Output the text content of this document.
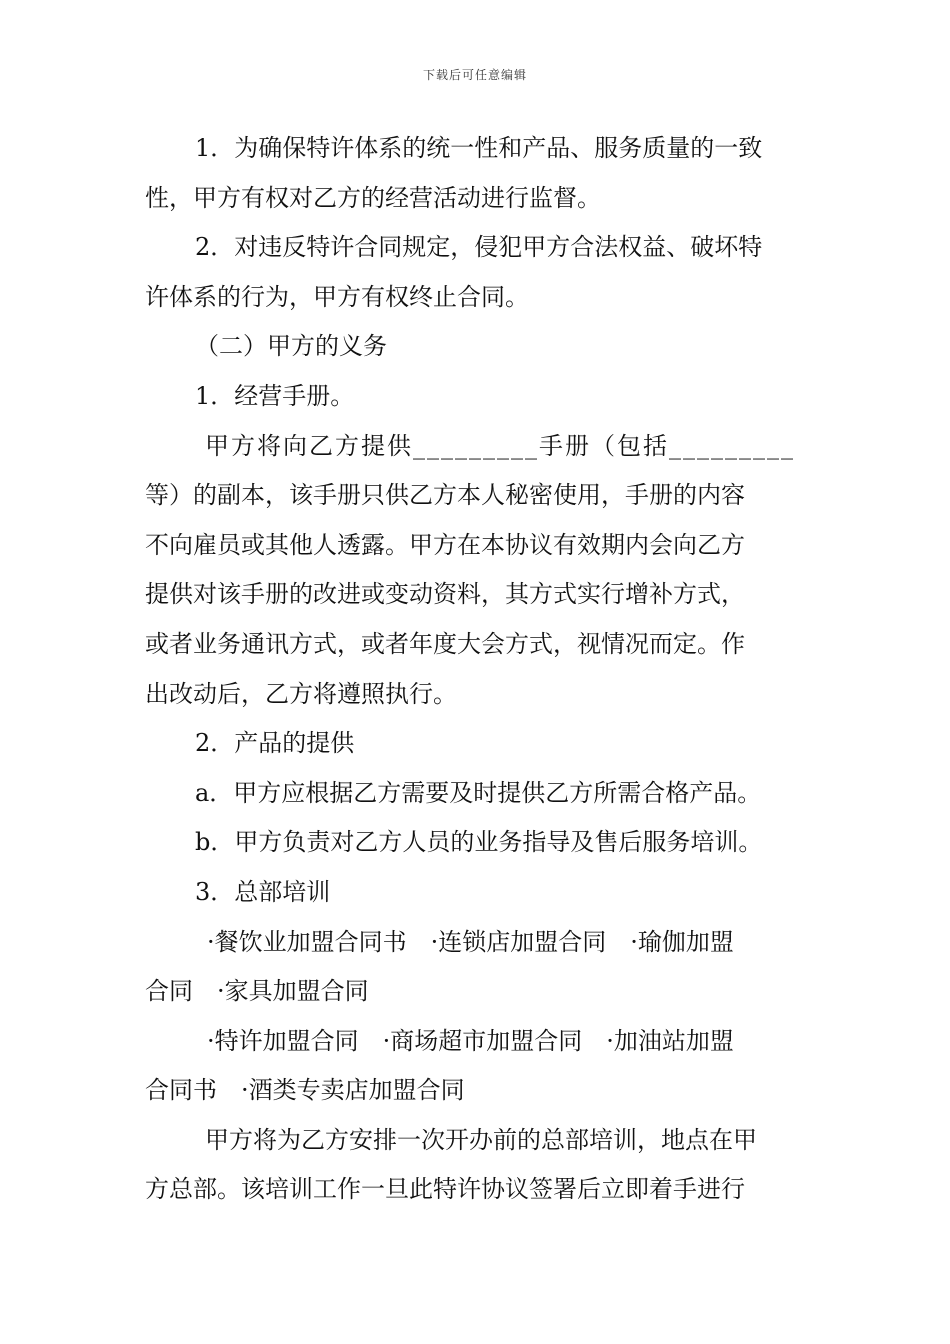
下载后可任意编辑
1．为确保特许体系的统一性和产品、服务质量的一致
性，甲方有权对乙方的经营活动进行监督。
2．对违反特许合同规定，侵犯甲方合法权益、破坏特
许体系的行为，甲方有权终止合同。
（二）甲方的义务
1．经营手册。
甲方将向乙方提供_________手册（包括_________
等）的副本，该手册只供乙方本人秘密使用，手册的内容
不向雇员或其他人透露。甲方在本协议有效期内会向乙方
提供对该手册的改进或变动资料，其方式实行增补方式，
或者业务通讯方式，或者年度大会方式，视情况而定。作
出改动后，乙方将遵照执行。
2．产品的提供
a．甲方应根据乙方需要及时提供乙方所需合格产品。
b．甲方负责对乙方人员的业务指导及售后服务培训。
3．总部培训
·餐饮业加盟合同书　·连锁店加盟合同　·瑜伽加盟
合同　·家具加盟合同
·特许加盟合同　·商场超市加盟合同　·加油站加盟
合同书　·酒类专卖店加盟合同
甲方将为乙方安排一次开办前的总部培训，地点在甲
方总部。该培训工作一旦此特许协议签署后立即着手进行
